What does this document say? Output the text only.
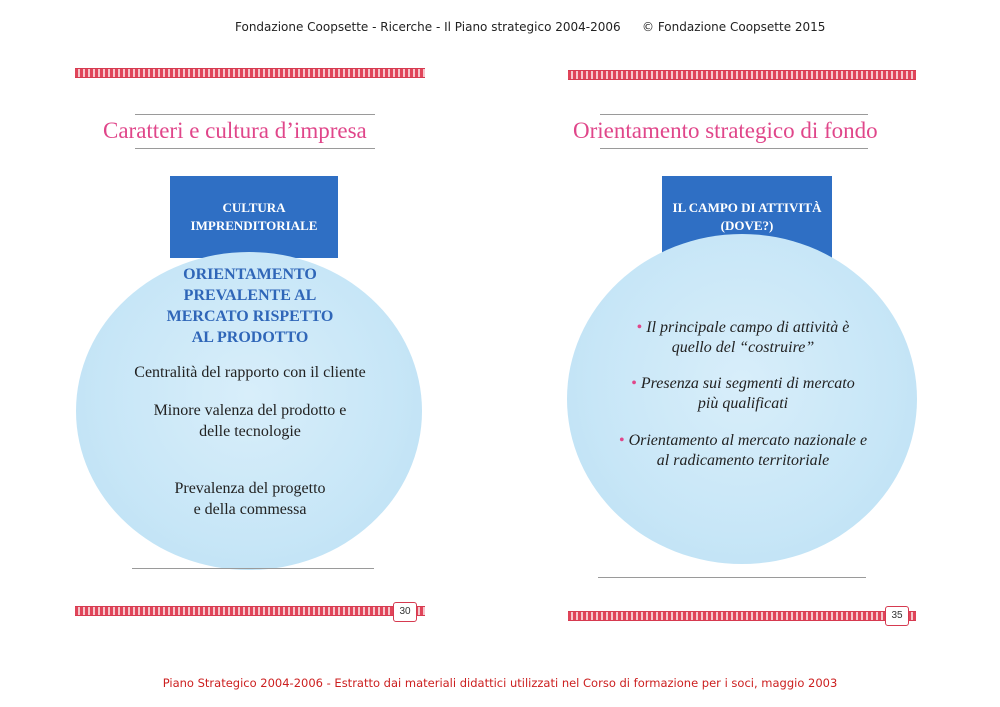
Fondazione Coopsette - Ricerche - Il Piano strategico 2004-2006 © Fondazione Coopsette 2015
Caratteri e cultura d’impresa
CULTURA
IMPRENDITORIALE
ORIENTAMENTO
PREVALENTE AL
MERCATO RISPETTO
AL PRODOTTO
Centralità del rapporto con il cliente
Minore valenza del prodotto e
delle tecnologie
Prevalenza del progetto
e della commessa
30
Orientamento strategico di fondo
IL CAMPO DI ATTIVITÀ
(DOVE?)
• Il principale campo di attività è
quello del “costruire”
• Presenza sui segmenti di mercato
più qualificati
• Orientamento al mercato nazionale e
al radicamento territoriale
35
Piano Strategico 2004-2006 - Estratto dai materiali didattici utilizzati nel Corso di formazione per i soci, maggio 2003
